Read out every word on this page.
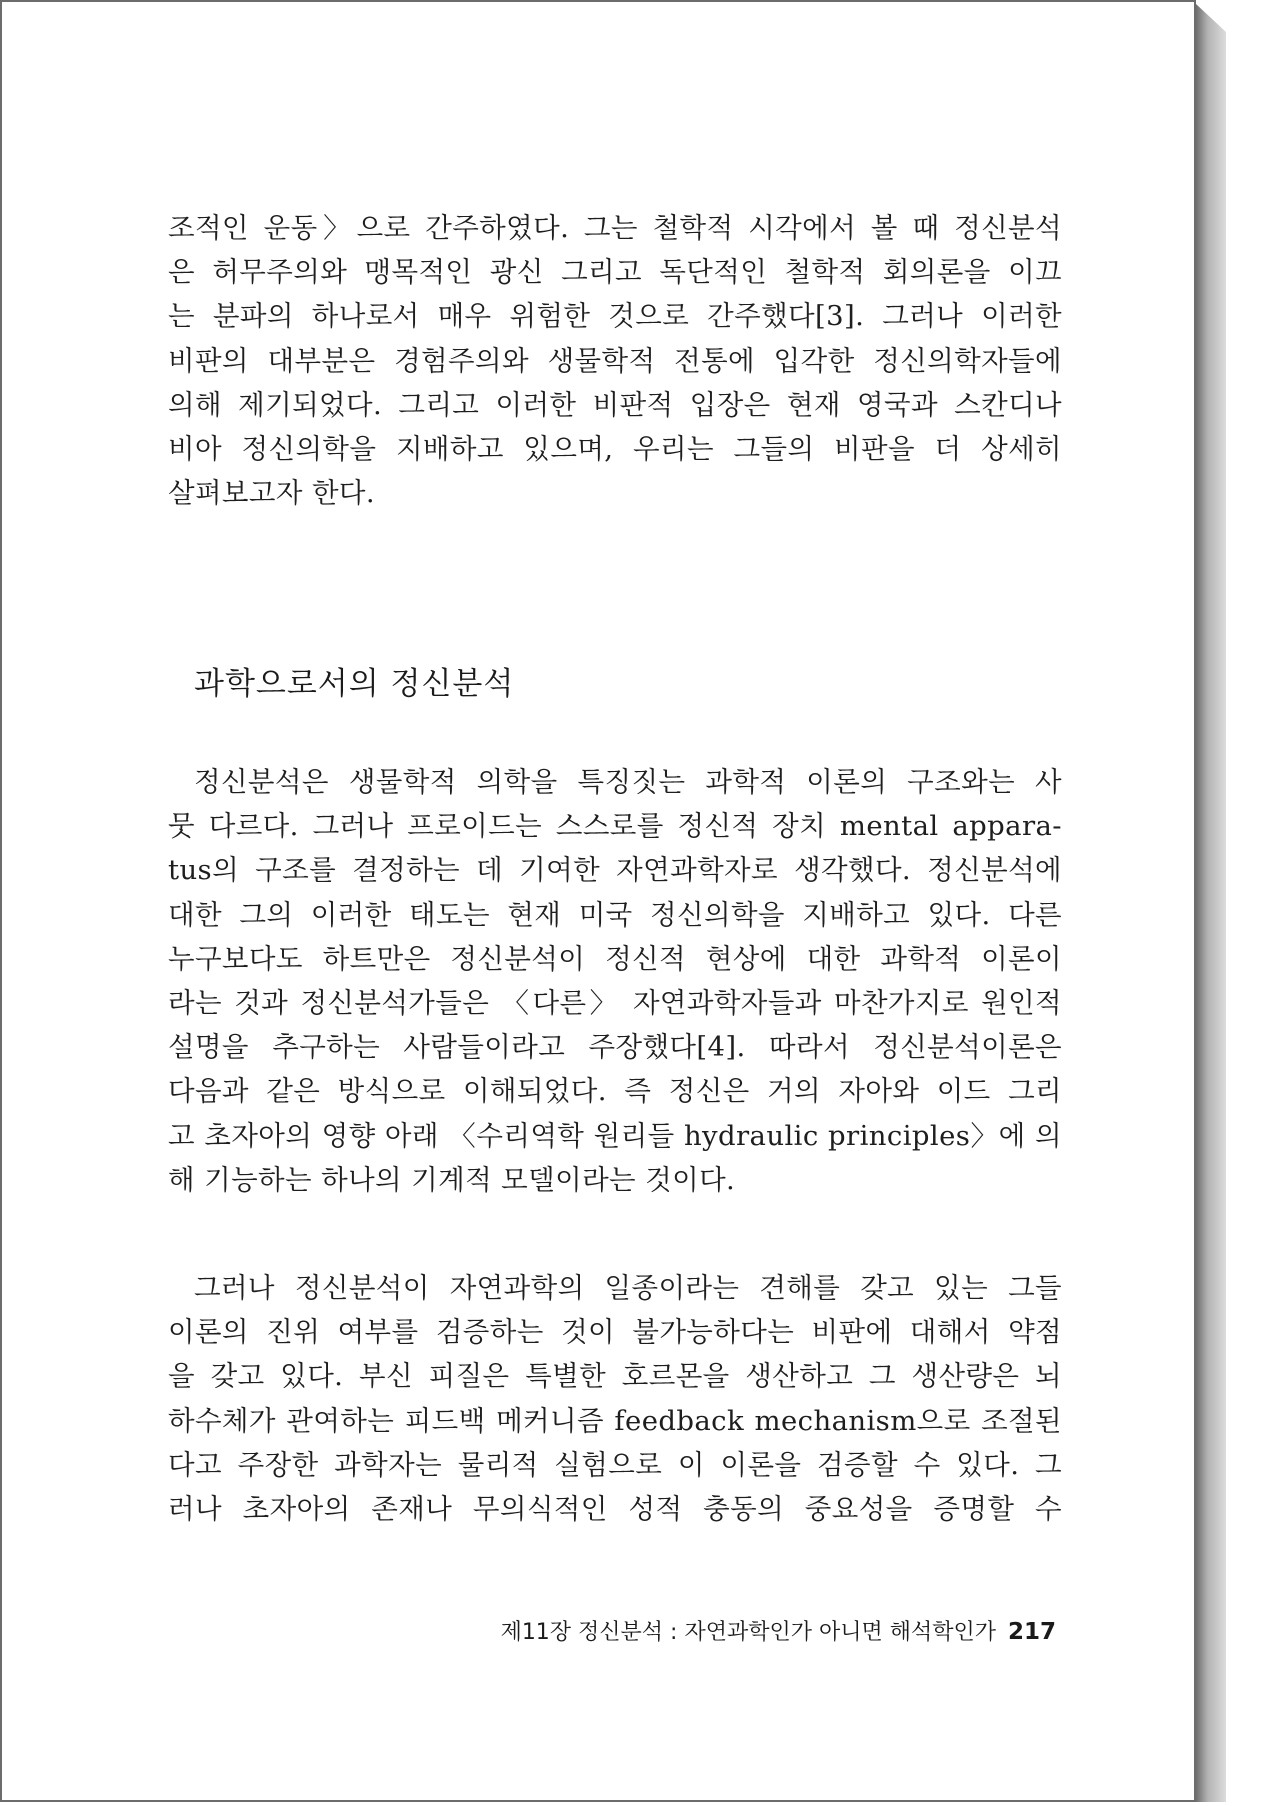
조적인 운동〉으로 간주하였다. 그는 철학적 시각에서 볼 때 정신분석
은 허무주의와 맹목적인 광신 그리고 독단적인 철학적 회의론을 이끄
는 분파의 하나로서 매우 위험한 것으로 간주했다[3]. 그러나 이러한
비판의 대부분은 경험주의와 생물학적 전통에 입각한 정신의학자들에
의해 제기되었다. 그리고 이러한 비판적 입장은 현재 영국과 스칸디나
비아 정신의학을 지배하고 있으며, 우리는 그들의 비판을 더 상세히
살펴보고자 한다.
과학으로서의 정신분석
정신분석은 생물학적 의학을 특징짓는 과학적 이론의 구조와는 사
뭇 다르다. 그러나 프로이드는 스스로를 정신적 장치 mental appara-
tus의 구조를 결정하는 데 기여한 자연과학자로 생각했다. 정신분석에
대한 그의 이러한 태도는 현재 미국 정신의학을 지배하고 있다. 다른
누구보다도 하트만은 정신분석이 정신적 현상에 대한 과학적 이론이
라는 것과 정신분석가들은 〈다른〉 자연과학자들과 마찬가지로 원인적
설명을 추구하는 사람들이라고 주장했다[4]. 따라서 정신분석이론은
다음과 같은 방식으로 이해되었다. 즉 정신은 거의 자아와 이드 그리
고 초자아의 영향 아래 〈수리역학 원리들 hydraulic principles〉에 의
해 기능하는 하나의 기계적 모델이라는 것이다.
그러나 정신분석이 자연과학의 일종이라는 견해를 갖고 있는 그들
이론의 진위 여부를 검증하는 것이 불가능하다는 비판에 대해서 약점
을 갖고 있다. 부신 피질은 특별한 호르몬을 생산하고 그 생산량은 뇌
하수체가 관여하는 피드백 메커니즘 feedback mechanism으로 조절된
다고 주장한 과학자는 물리적 실험으로 이 이론을 검증할 수 있다. 그
러나 초자아의 존재나 무의식적인 성적 충동의 중요성을 증명할 수
제11장 정신분석 : 자연과학인가 아니면 해석학인가 217
